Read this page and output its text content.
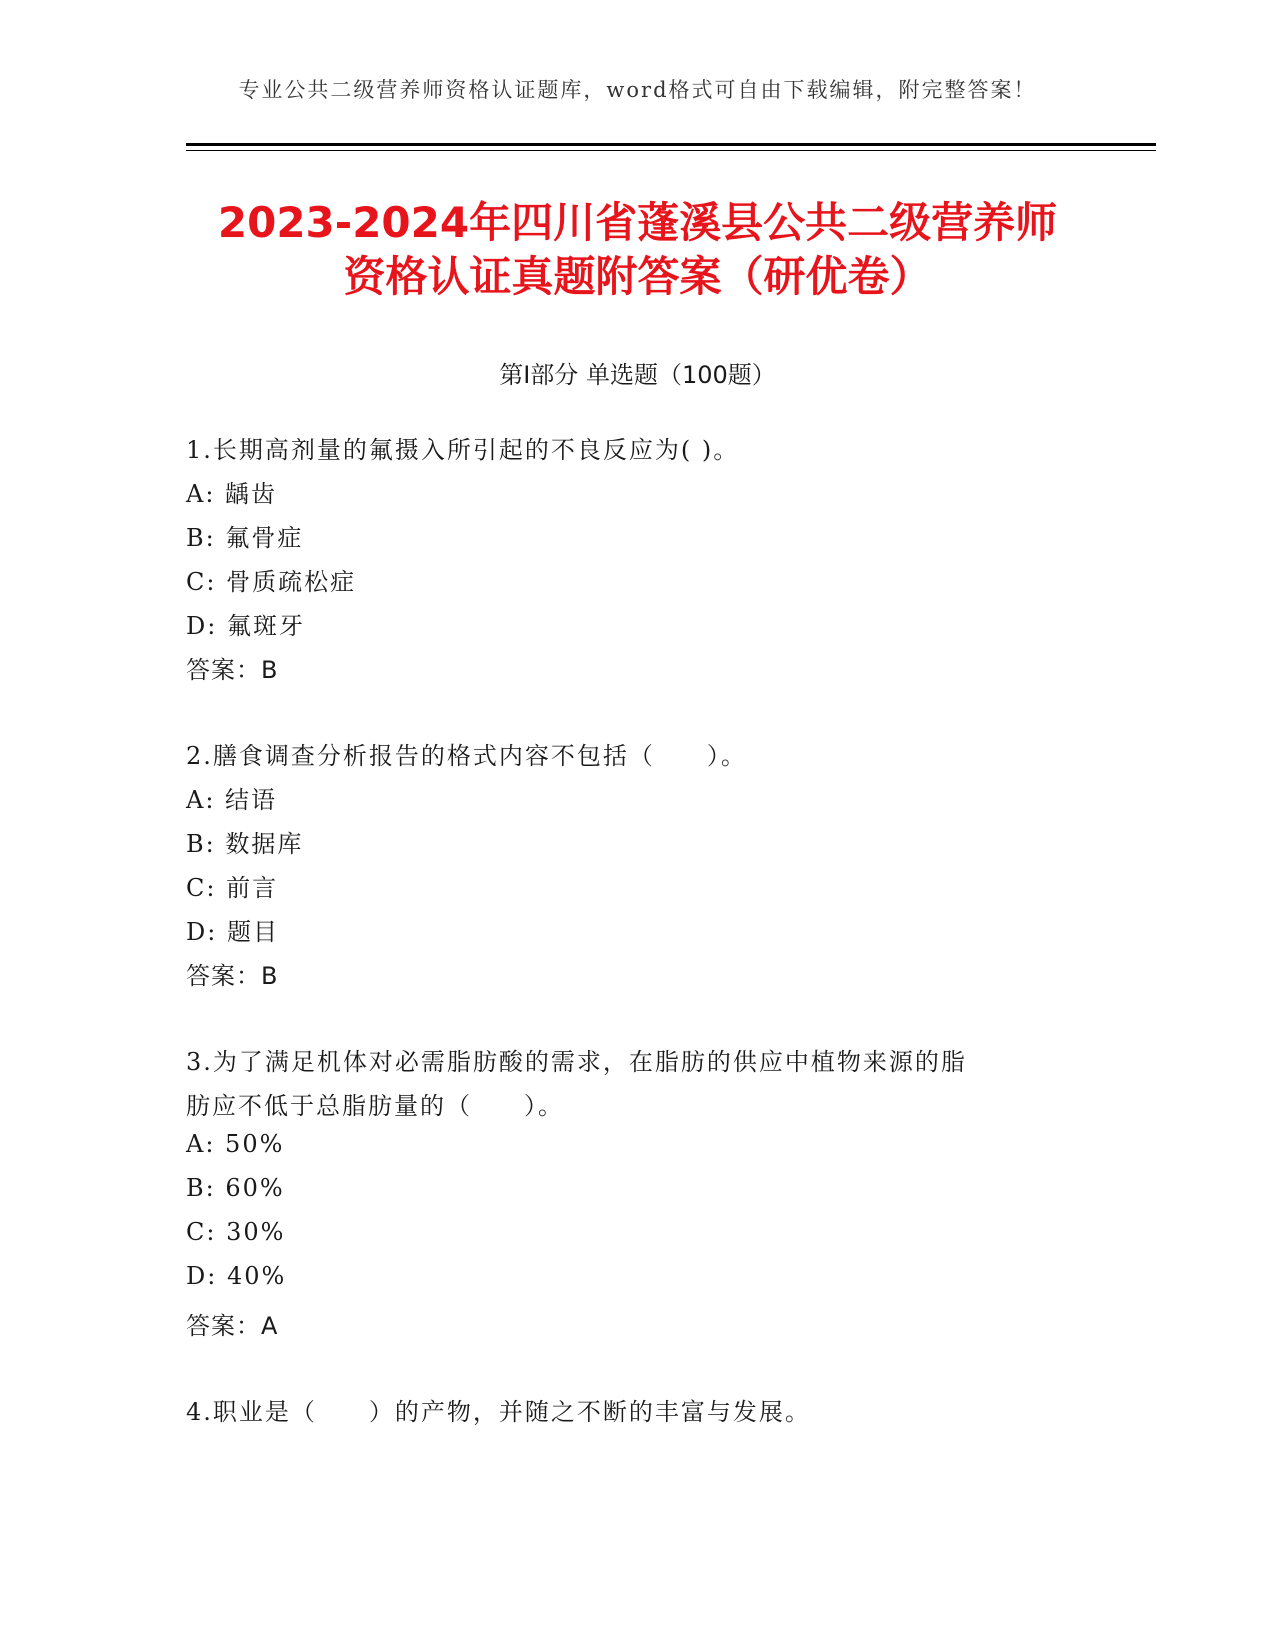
专业公共二级营养师资格认证题库，word格式可自由下载编辑，附完整答案！
2023-2024年四川省蓬溪县公共二级营养师
资格认证真题附答案（研优卷）
第Ⅰ部分 单选题（100题）
1.长期高剂量的氟摄入所引起的不良反应为( )。
A: 龋齿
B: 氟骨症
C: 骨质疏松症
D: 氟斑牙
答案：B
2.膳食调查分析报告的格式内容不包括（　　）。
A: 结语
B: 数据库
C: 前言
D: 题目
答案：B
3.为了满足机体对必需脂肪酸的需求，在脂肪的供应中植物来源的脂
肪应不低于总脂肪量的（　　）。
A: 50%
B: 60%
C: 30%
D: 40%
答案：A
4.职业是（　　）的产物，并随之不断的丰富与发展。
